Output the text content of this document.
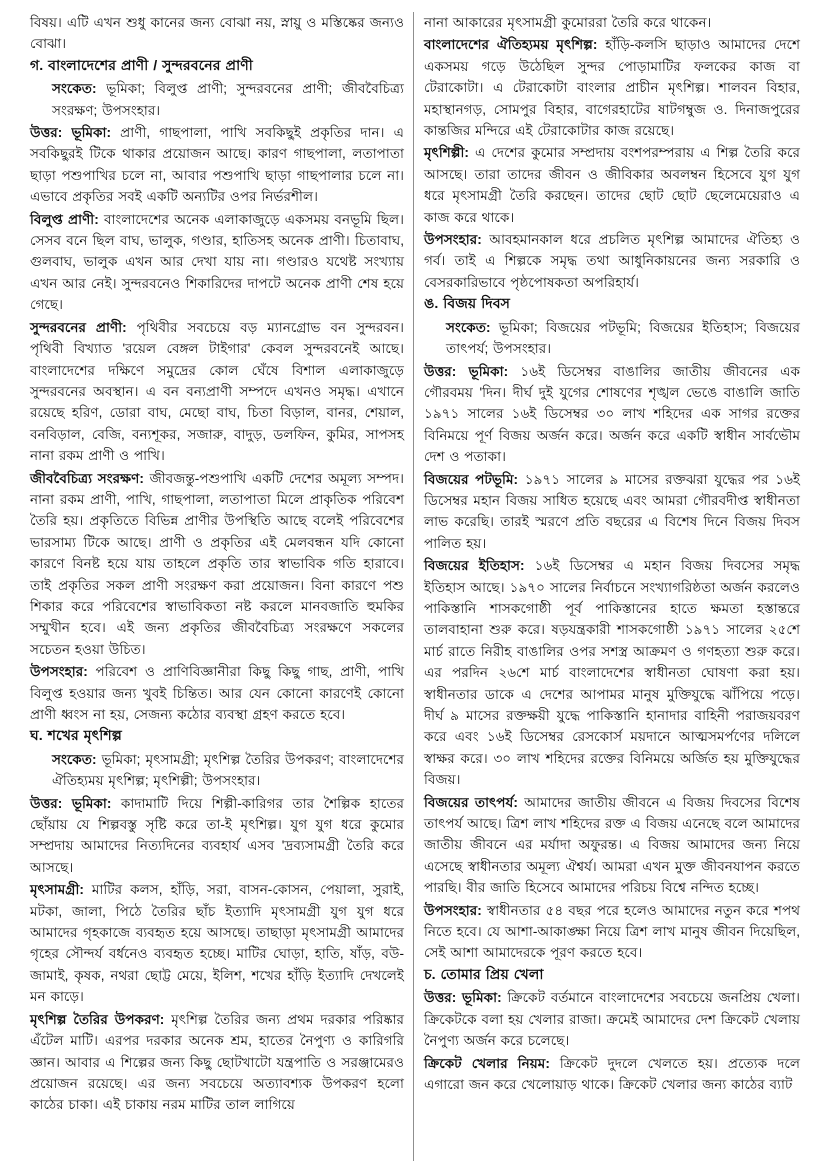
বিষয়। এটি এখন শুধু কানের জন্য বোঝা নয়, স্নায়ু ও মস্তিষ্কের জন্যও বোঝা।

গ. বাংলাদেশের প্রাণী / সুন্দরবনের প্রাণী

সংকেত: ভূমিকা; বিলুপ্ত প্রাণী; সুন্দরবনের প্রাণী; জীববৈচিত্র্য সংরক্ষণ; উপসংহার।

উত্তর: ভূমিকা: প্রাণী, গাছপালা, পাখি সবকিছুই প্রকৃতির দান। এ সবকিছুরই টিকে থাকার প্রয়োজন আছে। কারণ গাছপালা, লতাপাতা ছাড়া পশুপাখির চলে না, আবার পশুপাখি ছাড়া গাছপালার চলে না। এভাবে প্রকৃতির সবই একটি অন্যটির ওপর নির্ভরশীল।

বিলুপ্ত প্রাণী: বাংলাদেশের অনেক এলাকাজুড়ে একসময় বনভূমি ছিল। সেসব বনে ছিল বাঘ, ভালুক, গণ্ডার, হাতিসহ অনেক প্রাণী। চিতাবাঘ, গুলবাঘ, ভালুক এখন আর দেখা যায় না। গণ্ডারও যথেষ্ট সংখ্যায় এখন আর নেই। সুন্দরবনেও শিকারিদের দাপটে অনেক প্রাণী শেষ হয়ে গেছে।

সুন্দরবনের প্রাণী: পৃথিবীর সবচেয়ে বড় ম্যানগ্রোভ বন সুন্দরবন। পৃথিবী বিখ্যাত 'রয়েল বেঙ্গল টাইগার' কেবল সুন্দরবনেই আছে। বাংলাদেশের দক্ষিণে সমুদ্রের কোল ঘেঁষে বিশাল এলাকাজুড়ে সুন্দরবনের অবস্থান। এ বন বন্যপ্রাণী সম্পদে এখনও সমৃদ্ধ। এখানে রয়েছে হরিণ, ডোরা বাঘ, মেছো বাঘ, চিতা বিড়াল, বানর, শেয়াল, বনবিড়াল, বেজি, বন্যশূকর, সজারু, বাদুড়, ডলফিন, কুমির, সাপসহ নানা রকম প্রাণী ও পাখি।

জীববৈচিত্র্য সংরক্ষণ: জীবজন্তু-পশুপাখি একটি দেশের অমূল্য সম্পদ। নানা রকম প্রাণী, পাখি, গাছপালা, লতাপাতা মিলে প্রাকৃতিক পরিবেশ তৈরি হয়। প্রকৃতিতে বিভিন্ন প্রাণীর উপস্থিতি আছে বলেই পরিবেশের ভারসাম্য টিকে আছে। প্রাণী ও প্রকৃতির এই মেলবন্ধন যদি কোনো কারণে বিনষ্ট হয়ে যায় তাহলে প্রকৃতি তার স্বাভাবিক গতি হারাবে। তাই প্রকৃতির সকল প্রাণী সংরক্ষণ করা প্রয়োজন। বিনা কারণে পশু শিকার করে পরিবেশের স্বাভাবিকতা নষ্ট করলে মানবজাতি হুমকির সম্মুখীন হবে। এই জন্য প্রকৃতির জীববৈচিত্র্য সংরক্ষণে সকলের সচেতন হওয়া উচিত।

উপসংহার: পরিবেশ ও প্রাণিবিজ্ঞানীরা কিছু কিছু গাছ, প্রাণী, পাখি বিলুপ্ত হওয়ার জন্য খুবই চিন্তিত। আর যেন কোনো কারণেই কোনো প্রাণী ধ্বংস না হয়, সেজন্য কঠোর ব্যবস্থা গ্রহণ করতে হবে।

ঘ. শখের মৃৎশিল্প

সংকেত: ভূমিকা; মৃৎসামগ্রী; মৃৎশিল্প তৈরির উপকরণ; বাংলাদেশের ঐতিহ্যময় মৃৎশিল্প; মৃৎশিল্পী; উপসংহার।

উত্তর: ভূমিকা: কাদামাটি দিয়ে শিল্পী-কারিগর তার শৈল্পিক হাতের ছোঁয়ায় যে শিল্পবস্তু সৃষ্টি করে তা-ই মৃৎশিল্প। যুগ যুগ ধরে কুমোর সম্প্রদায় আমাদের নিত্যদিনের ব্যবহার্য এসব 'দ্রব্যসামগ্রী তৈরি করে আসছে।

মৃৎসামগ্রী: মাটির কলস, হাঁড়ি, সরা, বাসন-কোসন, পেয়ালা, সুরাই, মটকা, জালা, পিঠে তৈরির ছাঁচ ইত্যাদি মৃৎসামগ্রী যুগ যুগ ধরে আমাদের গৃহকাজে ব্যবহৃত হয়ে আসছে। তাছাড়া মৃৎসামগ্রী আমাদের গৃহের সৌন্দর্য বর্ধনেও ব্যবহৃত হচ্ছে। মাটির ঘোড়া, হাতি, ষাঁড়, বউ-জামাই, কৃষক, নথরা ছোট্ট মেয়ে, ইলিশ, শখের হাঁড়ি ইত্যাদি দেখলেই মন কাড়ে।

মৃৎশিল্প তৈরির উপকরণ: মৃৎশিল্প তৈরির জন্য প্রথম দরকার পরিষ্কার এঁটেল মাটি। এরপর দরকার অনেক শ্রম, হাতের নৈপুণ্য ও কারিগরি জ্ঞান। আবার এ শিল্পের জন্য কিছু ছোটখাটো যন্ত্রপাতি ও সরঞ্জামেরও প্রয়োজন রয়েছে। এর জন্য সবচেয়ে অত্যাবশ্যক উপকরণ হলো কাঠের চাকা। এই চাকায় নরম মাটির তাল লাগিয়ে

নানা আকারের মৃৎসামগ্রী কুমোররা তৈরি করে থাকেন।

বাংলাদেশের ঐতিহ্যময় মৃৎশিল্প: হাঁড়ি-কলসি ছাড়াও আমাদের দেশে একসময় গড়ে উঠেছিল সুন্দর পোড়ামাটির ফলকের কাজ বা টেরাকোটা। এ টেরাকোটা বাংলার প্রাচীন মৃৎশিল্প। শালবন বিহার, মহাস্থানগড়, সোমপুর বিহার, বাগেরহাটের ষাটগম্বুজ ও. দিনাজপুরের কান্তজির মন্দিরে এই টেরাকোটার কাজ রয়েছে।

মৃৎশিল্পী: এ দেশের কুমোর সম্প্রদায় বংশপরম্পরায় এ শিল্প তৈরি করে আসছে। তারা তাদের জীবন ও জীবিকার অবলম্বন হিসেবে যুগ যুগ ধরে মৃৎসামগ্রী তৈরি করছেন। তাদের ছোট ছোট ছেলেমেয়েরাও এ কাজ করে থাকে।

উপসংহার: আবহমানকাল ধরে প্রচলিত মৃৎশিল্প আমাদের ঐতিহ্য ও গর্ব। তাই এ শিল্পকে সমৃদ্ধ তথা আধুনিকায়নের জন্য সরকারি ও বেসরকারিভাবে পৃষ্ঠপোষকতা অপরিহার্য।

ঙ. বিজয় দিবস

সংকেত: ভূমিকা; বিজয়ের পটভূমি; বিজয়ের ইতিহাস; বিজয়ের তাৎপর্য; উপসংহার।

উত্তর: ভূমিকা: ১৬ই ডিসেম্বর বাঙালির জাতীয় জীবনের এক গৌরবময় 'দিন। দীর্ঘ দুই যুগের শোষণের শৃঙ্খল ভেঙে বাঙালি জাতি ১৯৭১ সালের ১৬ই ডিসেম্বর ৩০ লাখ শহিদের এক সাগর রক্তের বিনিময়ে পূর্ণ বিজয় অর্জন করে। অর্জন করে একটি স্বাধীন সার্বভৌম দেশ ও পতাকা।

বিজয়ের পটভূমি: ১৯৭১ সালের ৯ মাসের রক্তঝরা যুদ্ধের পর ১৬ই ডিসেম্বর মহান বিজয় সাধিত হয়েছে এবং আমরা গৌরবদীপ্ত স্বাধীনতা লাভ করেছি। তারই স্মরণে প্রতি বছরের এ বিশেষ দিনে বিজয় দিবস পালিত হয়।

বিজয়ের ইতিহাস: ১৬ই ডিসেম্বর এ মহান বিজয় দিবসের সমৃদ্ধ ইতিহাস আছে। ১৯৭০ সালের নির্বাচনে সংখ্যাগরিষ্ঠতা অর্জন করলেও পাকিস্তানি শাসকগোষ্ঠী পূর্ব পাকিস্তানের হাতে ক্ষমতা হস্তান্তরে তালবাহানা শুরু করে। ষড়যন্ত্রকারী শাসকগোষ্ঠী ১৯৭১ সালের ২৫শে মার্চ রাতে নিরীহ বাঙালির ওপর সশস্ত্র আক্রমণ ও গণহত্যা শুরু করে। এর পরদিন ২৬শে মার্চ বাংলাদেশের স্বাধীনতা ঘোষণা করা হয়। স্বাধীনতার ডাকে এ দেশের আপামর মানুষ মুক্তিযুদ্ধে ঝাঁপিয়ে পড়ে। দীর্ঘ ৯ মাসের রক্তক্ষয়ী যুদ্ধে পাকিস্তানি হানাদার বাহিনী পরাজয়বরণ করে এবং ১৬ই ডিসেম্বর রেসকোর্স ময়দানে আত্মসমর্পণের দলিলে স্বাক্ষর করে। ৩০ লাখ শহিদের রক্তের বিনিময়ে অর্জিত হয় মুক্তিযুদ্ধের বিজয়।

বিজয়ের তাৎপর্য: আমাদের জাতীয় জীবনে এ বিজয় দিবসের বিশেষ তাৎপর্য আছে। ত্রিশ লাখ শহিদের রক্ত এ বিজয় এনেছে বলে আমাদের জাতীয় জীবনে এর মর্যাদা অফুরন্ত। এ বিজয় আমাদের জন্য নিয়ে এসেছে স্বাধীনতার অমূল্য ঐশ্বর্য। আমরা এখন মুক্ত জীবনযাপন করতে পারছি। বীর জাতি হিসেবে আমাদের পরিচয় বিশ্বে নন্দিত হচ্ছে।

উপসংহার: স্বাধীনতার ৫৪ বছর পরে হলেও আমাদের নতুন করে শপথ নিতে হবে। যে আশা-আকাঙ্ক্ষা নিয়ে ত্রিশ লাখ মানুষ জীবন দিয়েছিল, সেই আশা আমাদেরকে পূরণ করতে হবে।

চ. তোমার প্রিয় খেলা

উত্তর: ভূমিকা: ক্রিকেট বর্তমানে বাংলাদেশের সবচেয়ে জনপ্রিয় খেলা। ক্রিকেটকে বলা হয় খেলার রাজা। ক্রমেই আমাদের দেশ ক্রিকেট খেলায় নৈপুণ্য অর্জন করে চলেছে।

ক্রিকেট খেলার নিয়ম: ক্রিকেট দুদলে খেলতে হয়। প্রত্যেক দলে এগারো জন করে খেলোয়াড় থাকে। ক্রিকেট খেলার জন্য কাঠের ব্যাট
